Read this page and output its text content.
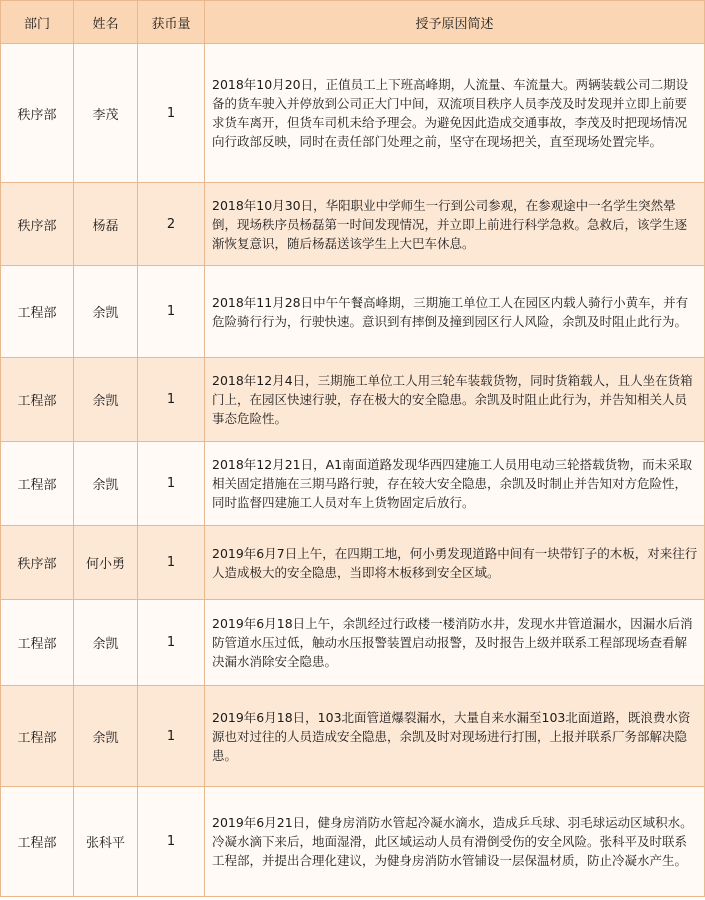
部门	姓名	获币量	授予原因简述
秩序部	李茂	1	2018年10月20日，正值员工上下班高峰期，人流量、车流量大。两辆装载公司二期设备的货车驶入并停放到公司正大门中间，双流项目秩序人员李茂及时发现并立即上前要求货车离开，但货车司机未给予理会。为避免因此造成交通事故，李茂及时把现场情况向行政部反映，同时在责任部门处理之前，坚守在现场把关，直至现场处置完毕。
秩序部	杨磊	2	2018年10月30日，华阳职业中学师生一行到公司参观，在参观途中一名学生突然晕倒，现场秩序员杨磊第一时间发现情况，并立即上前进行科学急救。急救后，该学生逐渐恢复意识，随后杨磊送该学生上大巴车休息。
工程部	余凯	1	2018年11月28日中午午餐高峰期，三期施工单位工人在园区内载人骑行小黄车，并有危险骑行行为，行驶快速。意识到有摔倒及撞到园区行人风险，余凯及时阻止此行为。
工程部	余凯	1	2018年12月4日，三期施工单位工人用三轮车装载货物，同时货箱载人，且人坐在货箱门上，在园区快速行驶，存在极大的安全隐患。余凯及时阻止此行为，并告知相关人员事态危险性。
工程部	余凯	1	2018年12月21日，A1南面道路发现华西四建施工人员用电动三轮搭载货物，而未采取相关固定措施在三期马路行驶，存在较大安全隐患，余凯及时制止并告知对方危险性，同时监督四建施工人员对车上货物固定后放行。
秩序部	何小勇	1	2019年6月7日上午，在四期工地，何小勇发现道路中间有一块带钉子的木板，对来往行人造成极大的安全隐患，当即将木板移到安全区域。
工程部	余凯	1	2019年6月18日上午，余凯经过行政楼一楼消防水井，发现水井管道漏水，因漏水后消防管道水压过低，触动水压报警装置启动报警，及时报告上级并联系工程部现场查看解决漏水消除安全隐患。
工程部	余凯	1	2019年6月18日，103北面管道爆裂漏水，大量自来水漏至103北面道路，既浪费水资源也对过往的人员造成安全隐患，余凯及时对现场进行打围，上报并联系厂务部解决隐患。
工程部	张科平	1	2019年6月21日，健身房消防水管起冷凝水滴水，造成乒乓球、羽毛球运动区域积水。冷凝水滴下来后，地面湿滑，此区域运动人员有滑倒受伤的安全风险。张科平及时联系工程部，并提出合理化建议，为健身房消防水管铺设一层保温材质，防止冷凝水产生。
